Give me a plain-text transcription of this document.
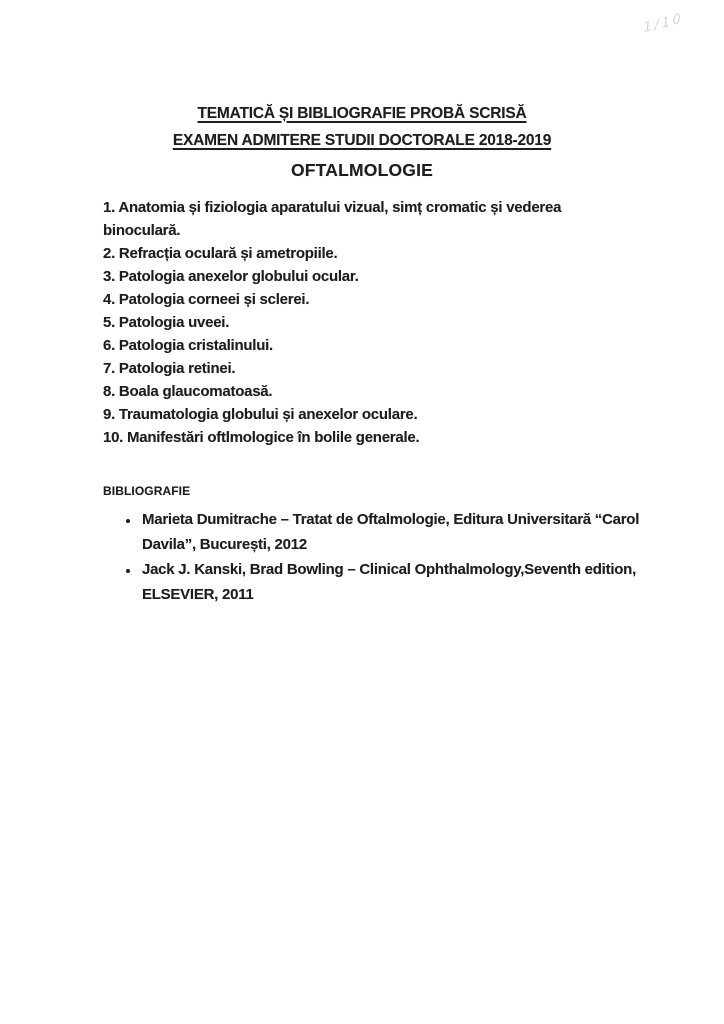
1/10
TEMATICĂ ȘI BIBLIOGRAFIE PROBĂ SCRISĂ
EXAMEN ADMITERE STUDII DOCTORALE 2018-2019
OFTALMOLOGIE
1. Anatomia și fiziologia aparatului vizual, simț cromatic și vederea binoculară.
2. Refracția oculară și ametropiile.
3. Patologia anexelor globului ocular.
4. Patologia corneei și sclerei.
5. Patologia uveei.
6. Patologia cristalinului.
7. Patologia retinei.
8. Boala glaucomatoasă.
9. Traumatologia globului și anexelor oculare.
10. Manifestări oftlmologice în bolile generale.
BIBLIOGRAFIE
• Marieta Dumitrache – Tratat de Oftalmologie, Editura Universitară “Carol Davila”, București, 2012
• Jack J. Kanski, Brad Bowling – Clinical Ophthalmology,Seventh edition, ELSEVIER, 2011
